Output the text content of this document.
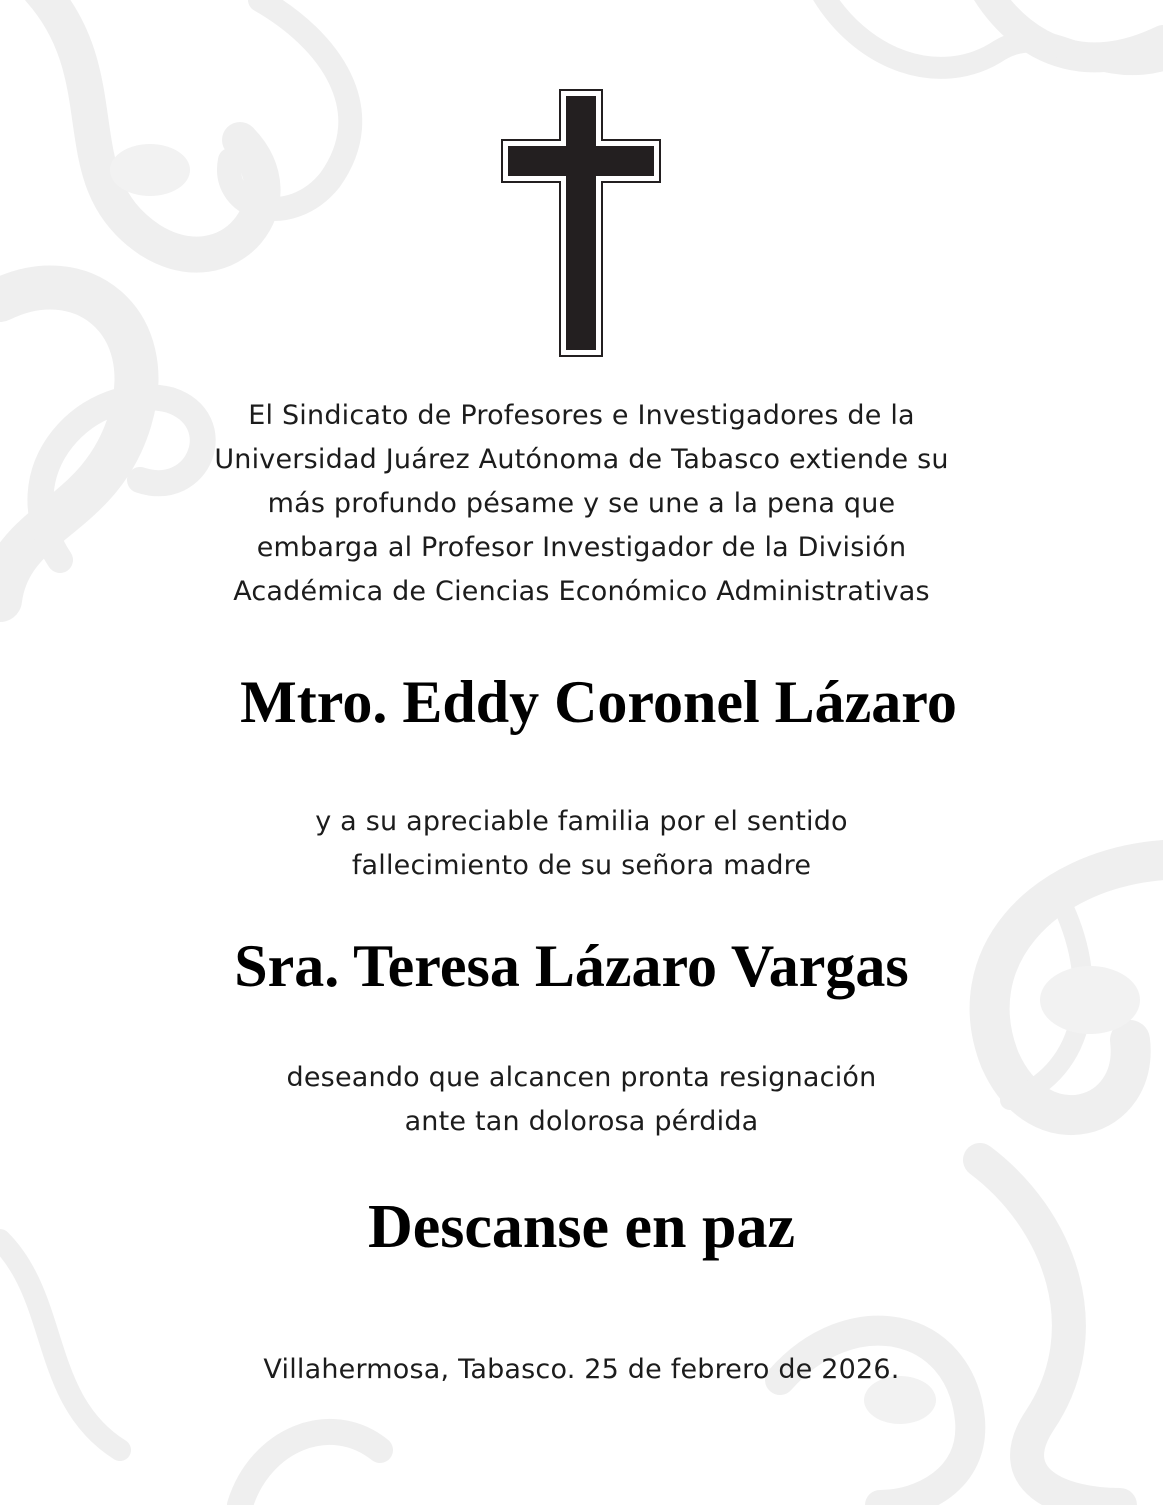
El Sindicato de Profesores e Investigadores de la
Universidad Juárez Autónoma de Tabasco extiende su
más profundo pésame y se une a la pena que
embarga al Profesor Investigador de la División
Académica de Ciencias Económico Administrativas
Mtro. Eddy Coronel Lázaro
y a su apreciable familia por el sentido
fallecimiento de su señora madre
Sra. Teresa Lázaro Vargas
deseando que alcancen pronta resignación
ante tan dolorosa pérdida
Descanse en paz
Villahermosa, Tabasco. 25 de febrero de 2026.
